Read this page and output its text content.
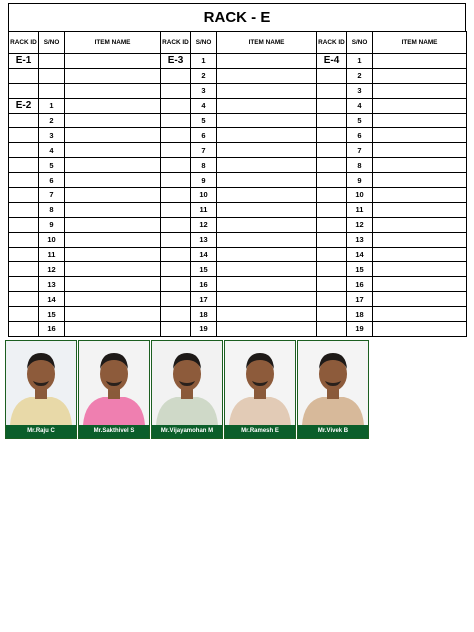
RACK - E
RACK ID	S/NO	ITEM NAME	RACK ID	S/NO	ITEM NAME	RACK ID	S/NO	ITEM NAME
E-1			E-3	1		E-4	1	
				2			2	
				3			3	
E-2	1			4			4	
	2			5			5	
	3			6			6	
	4			7			7	
	5			8			8	
	6			9			9	
	7			10			10	
	8			11			11	
	9			12			12	
	10			13			13	
	11			14			14	
	12			15			15	
	13			16			16	
	14			17			17	
	15			18			18	
	16			19			19	
Mr.Raju C	Mr.Sakthivel S	Mr.Vijayamohan M	Mr.Ramesh E	Mr.Vivek B
